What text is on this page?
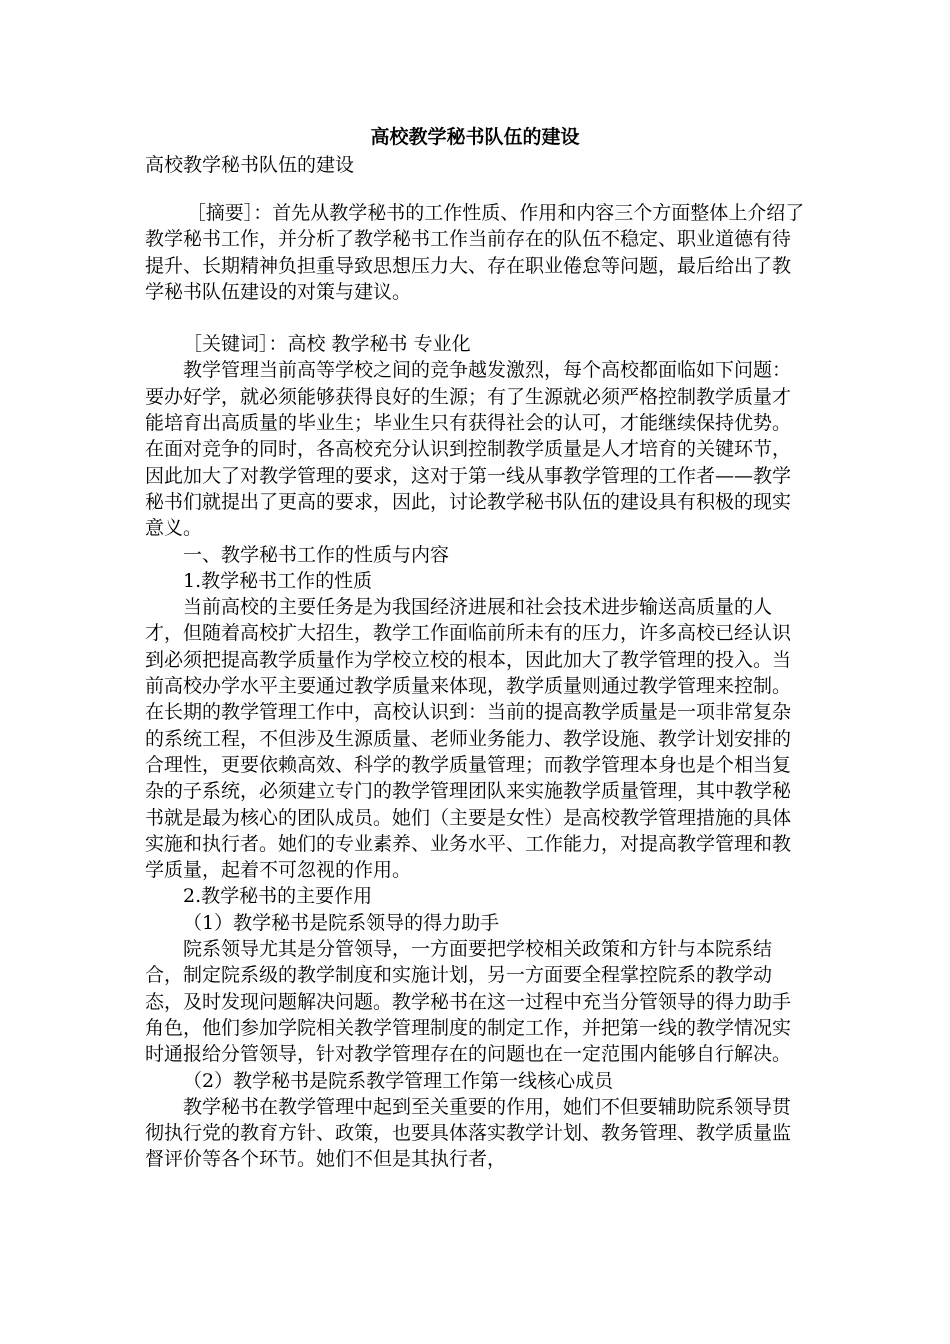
高校教学秘书队伍的建设
高校教学秘书队伍的建设

［摘要］：首先从教学秘书的工作性质、作用和内容三个方面整体上介绍了教学秘书工作，并分析了教学秘书工作当前存在的队伍不稳定、职业道德有待提升、长期精神负担重导致思想压力大、存在职业倦怠等问题，最后给出了教学秘书队伍建设的对策与建议。

［关键词］：高校 教学秘书 专业化

教学管理当前高等学校之间的竞争越发激烈，每个高校都面临如下问题：要办好学，就必须能够获得良好的生源；有了生源就必须严格控制教学质量才能培育出高质量的毕业生；毕业生只有获得社会的认可，才能继续保持优势。在面对竞争的同时，各高校充分认识到控制教学质量是人才培育的关键环节，因此加大了对教学管理的要求，这对于第一线从事教学管理的工作者——教学秘书们就提出了更高的要求，因此，讨论教学秘书队伍的建设具有积极的现实意义。

一、教学秘书工作的性质与内容

1.教学秘书工作的性质

当前高校的主要任务是为我国经济进展和社会技术进步输送高质量的人才，但随着高校扩大招生，教学工作面临前所未有的压力，许多高校已经认识到必须把提高教学质量作为学校立校的根本，因此加大了教学管理的投入。当前高校办学水平主要通过教学质量来体现，教学质量则通过教学管理来控制。在长期的教学管理工作中，高校认识到：当前的提高教学质量是一项非常复杂的系统工程，不但涉及生源质量、老师业务能力、教学设施、教学计划安排的合理性，更要依赖高效、科学的教学质量管理；而教学管理本身也是个相当复杂的子系统，必须建立专门的教学管理团队来实施教学质量管理，其中教学秘书就是最为核心的团队成员。她们（主要是女性）是高校教学管理措施的具体实施和执行者。她们的专业素养、业务水平、工作能力，对提高教学管理和教学质量，起着不可忽视的作用。

2.教学秘书的主要作用

（1）教学秘书是院系领导的得力助手

院系领导尤其是分管领导，一方面要把学校相关政策和方针与本院系结合，制定院系级的教学制度和实施计划，另一方面要全程掌控院系的教学动态，及时发现问题解决问题。教学秘书在这一过程中充当分管领导的得力助手角色，他们参加学院相关教学管理制度的制定工作，并把第一线的教学情况实时通报给分管领导，针对教学管理存在的问题也在一定范围内能够自行解决。

（2）教学秘书是院系教学管理工作第一线核心成员

教学秘书在教学管理中起到至关重要的作用，她们不但要辅助院系领导贯彻执行党的教育方针、政策，也要具体落实教学计划、教务管理、教学质量监督评价等各个环节。她们不但是其执行者，
